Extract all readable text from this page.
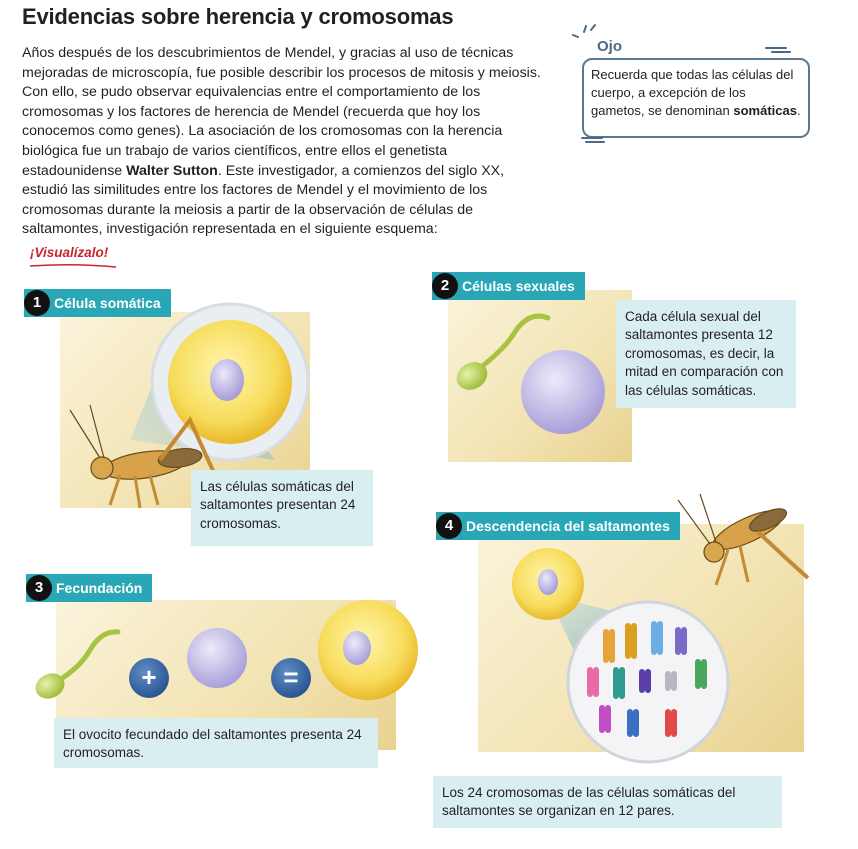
Evidencias sobre herencia y cromosomas
Años después de los descubrimientos de Mendel, y gracias al uso de técnicas mejoradas de microscopía, fue posible describir los procesos de mitosis y meiosis. Con ello, se pudo observar equivalencias entre el comportamiento de los cromosomas y los factores de herencia de Mendel (recuerda que hoy los conocemos como genes). La asociación de los cromosomas con la herencia biológica fue un trabajo de varios científicos, entre ellos el genetista estadounidense Walter Sutton. Este investigador, a comienzos del siglo XX, estudió las similitudes entre los factores de Mendel y el movimiento de los cromosomas durante la meiosis a partir de la observación de células de saltamontes, investigación representada en el siguiente esquema:
Ojo
Recuerda que todas las células del cuerpo, a excepción de los gametos, se denominan somáticas.
¡Visualízalo!
Célula somática
1
Las células somáticas del saltamontes presentan 24 cromosomas.
Células sexuales
2
Cada célula sexual del saltamontes presenta 12 cromosomas, es decir, la mitad en comparación con las células somáticas.
+	=
Fecundación
3
El ovocito fecundado del saltamontes presenta 24 cromosomas.
Descendencia del saltamontes
4
Los 24 cromosomas de las células somáticas del saltamontes se organizan en 12 pares.
